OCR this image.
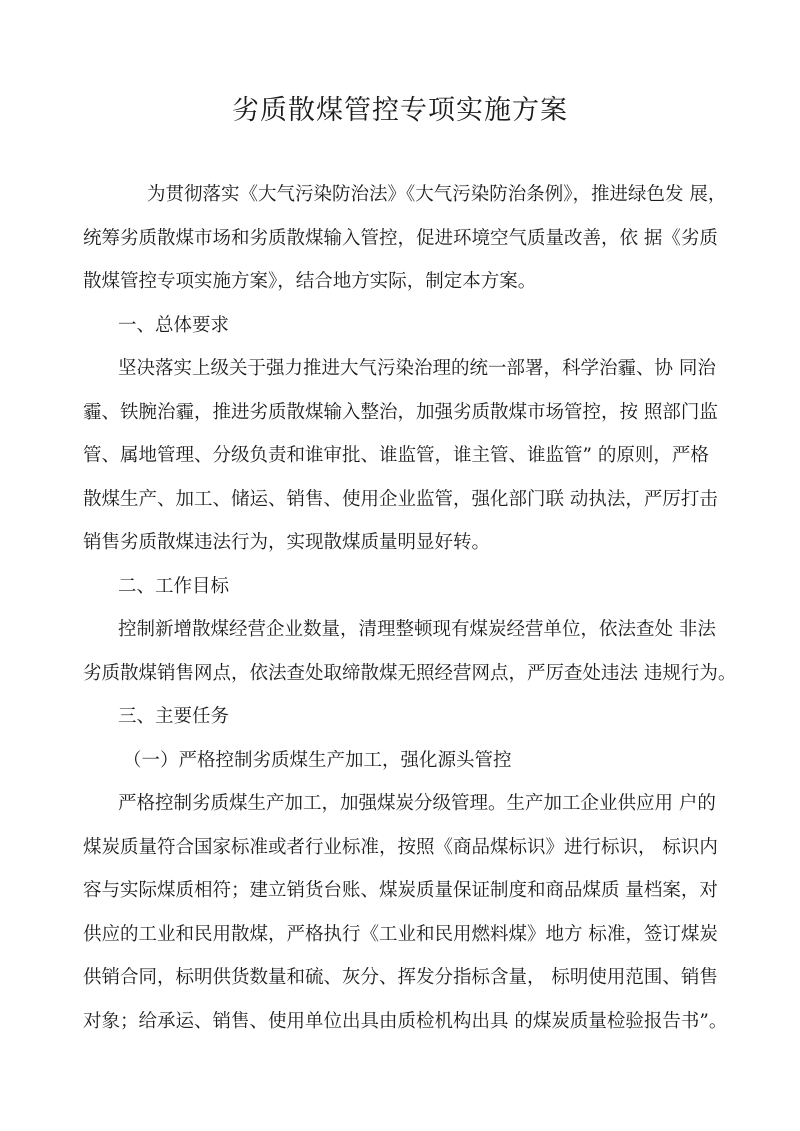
劣质散煤管控专项实施方案
为贯彻落实《大气污染防治法》《大气污染防治条例》，推进绿色发 展，
统筹劣质散煤市场和劣质散煤输入管控，促进环境空气质量改善，依 据《劣质
散煤管控专项实施方案》，结合地方实际，制定本方案。
一、总体要求
坚决落实上级关于强力推进大气污染治理的统一部署，科学治霾、协 同治
霾、铁腕治霾，推进劣质散煤输入整治，加强劣质散煤市场管控，按 照部门监
管、属地管理、分级负责和谁审批、谁监管，谁主管、谁监管” 的原则，严格
散煤生产、加工、储运、销售、使用企业监管，强化部门联 动执法，严厉打击
销售劣质散煤违法行为，实现散煤质量明显好转。
二、工作目标
控制新增散煤经营企业数量，清理整顿现有煤炭经营单位，依法查处 非法
劣质散煤销售网点，依法查处取缔散煤无照经营网点，严厉查处违法 违规行为。
三、主要任务
（一）严格控制劣质煤生产加工，强化源头管控
严格控制劣质煤生产加工，加强煤炭分级管理。生产加工企业供应用 户的
煤炭质量符合国家标准或者行业标准，按照《商品煤标识》进行标识， 标识内
容与实际煤质相符；建立销货台账、煤炭质量保证制度和商品煤质 量档案，对
供应的工业和民用散煤，严格执行《工业和民用燃料煤》地方 标准，签订煤炭
供销合同，标明供货数量和硫、灰分、挥发分指标含量， 标明使用范围、销售
对象；给承运、销售、使用单位出具由质检机构出具 的煤炭质量检验报告书”。
